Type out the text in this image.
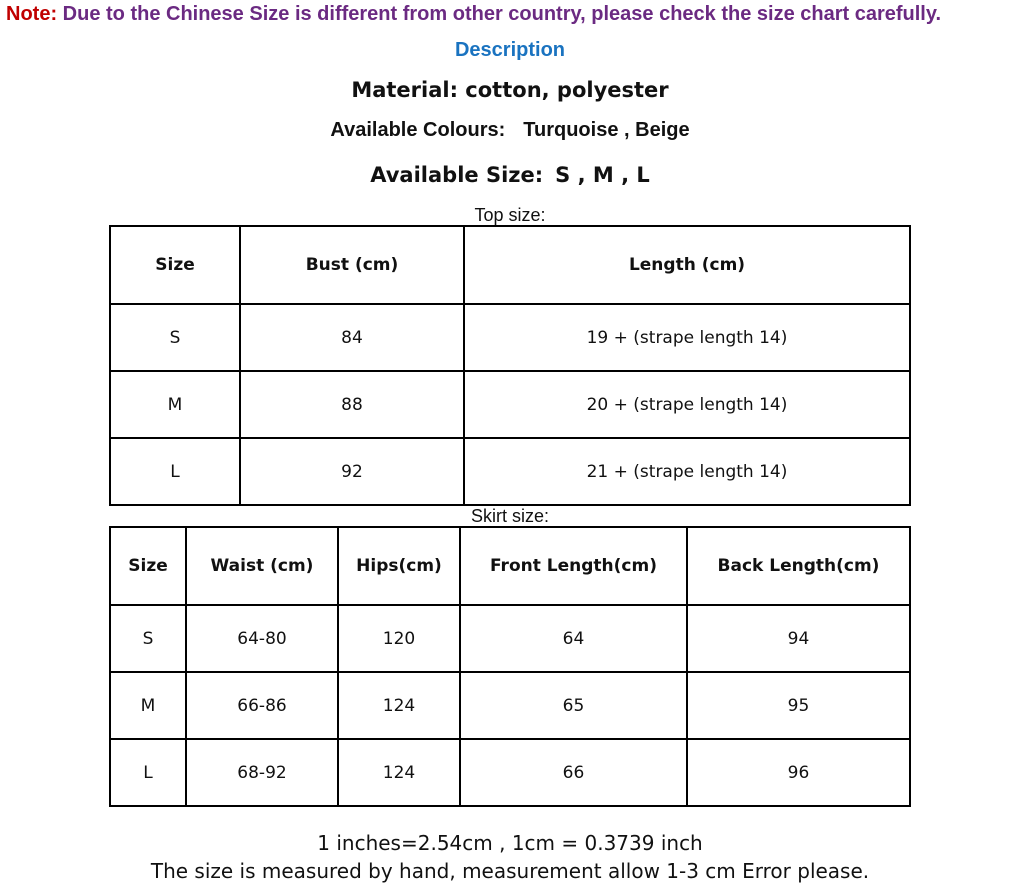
Note: Due to the Chinese Size is different from other country, please check the size chart carefully.
Description
Material: cotton, polyester
Available Colours: Turquoise , Beige
Available Size: S , M , L
Top size:
Size	Bust (cm)	Length (cm)
S	84	19 + (strape length 14)
M	88	20 + (strape length 14)
L	92	21 + (strape length 14)
Skirt size:
Size	Waist (cm)	Hips(cm)	Front Length(cm)	Back Length(cm)
S	64-80	120	64	94
M	66-86	124	65	95
L	68-92	124	66	96
1 inches=2.54cm , 1cm = 0.3739 inch
The size is measured by hand, measurement allow 1-3 cm Error please.
